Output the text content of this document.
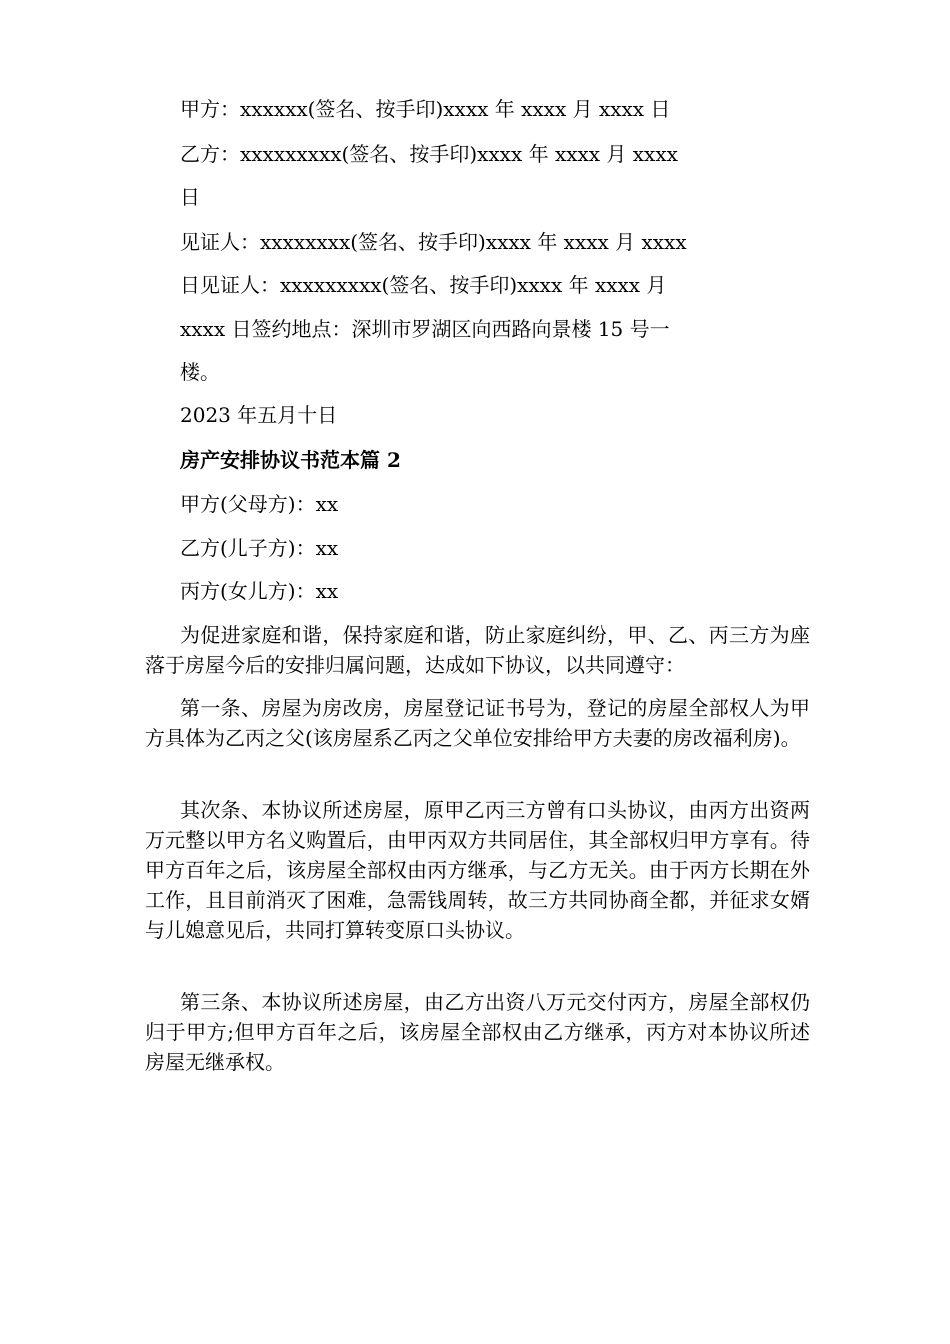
甲方：xxxxxx(签名、按手印)xxxx 年 xxxx 月 xxxx 日
乙方：xxxxxxxxx(签名、按手印)xxxx 年 xxxx 月 xxxx
日
见证人：xxxxxxxx(签名、按手印)xxxx 年 xxxx 月 xxxx
日见证人：xxxxxxxxx(签名、按手印)xxxx 年 xxxx 月
xxxx 日签约地点：深圳市罗湖区向西路向景楼 15 号一
楼。
2023 年五月十日
房产安排协议书范本篇 2
甲方(父母方)：xx
乙方(儿子方)：xx
丙方(女儿方)：xx
为促进家庭和谐，保持家庭和谐，防止家庭纠纷，甲、乙、丙三方为座落于房屋今后的安排归属问题，达成如下协议，以共同遵守：
第一条、房屋为房改房，房屋登记证书号为，登记的房屋全部权人为甲方具体为乙丙之父(该房屋系乙丙之父单位安排给甲方夫妻的房改福利房)。
其次条、本协议所述房屋，原甲乙丙三方曾有口头协议，由丙方出资两万元整以甲方名义购置后，由甲丙双方共同居住，其全部权归甲方享有。待甲方百年之后，该房屋全部权由丙方继承，与乙方无关。由于丙方长期在外工作，且目前消灭了困难，急需钱周转，故三方共同协商全都，并征求女婿与儿媳意见后，共同打算转变原口头协议。
第三条、本协议所述房屋，由乙方出资八万元交付丙方，房屋全部权仍归于甲方;但甲方百年之后，该房屋全部权由乙方继承，丙方对本协议所述房屋无继承权。
